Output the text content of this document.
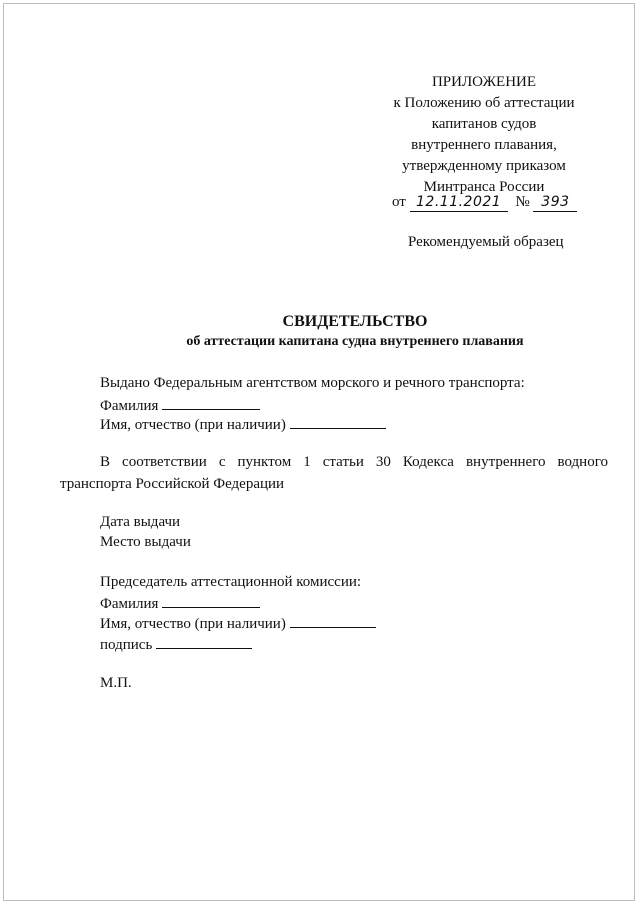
ПРИЛОЖЕНИЕ
к Положению об аттестации
капитанов судов
внутреннего плавания,
утвержденному приказом
Минтранса России
от 12.11.2021 № 393
Рекомендуемый образец
СВИДЕТЕЛЬСТВО
об аттестации капитана судна внутреннего плавания
Выдано Федеральным агентством морского и речного транспорта:
Фамилия
Имя, отчество (при наличии)
В соответствии с пунктом 1 статьи 30 Кодекса внутреннего водного транспорта Российской Федерации
Дата выдачи
Место выдачи
Председатель аттестационной комиссии:
Фамилия
Имя, отчество (при наличии)
подпись
М.П.
